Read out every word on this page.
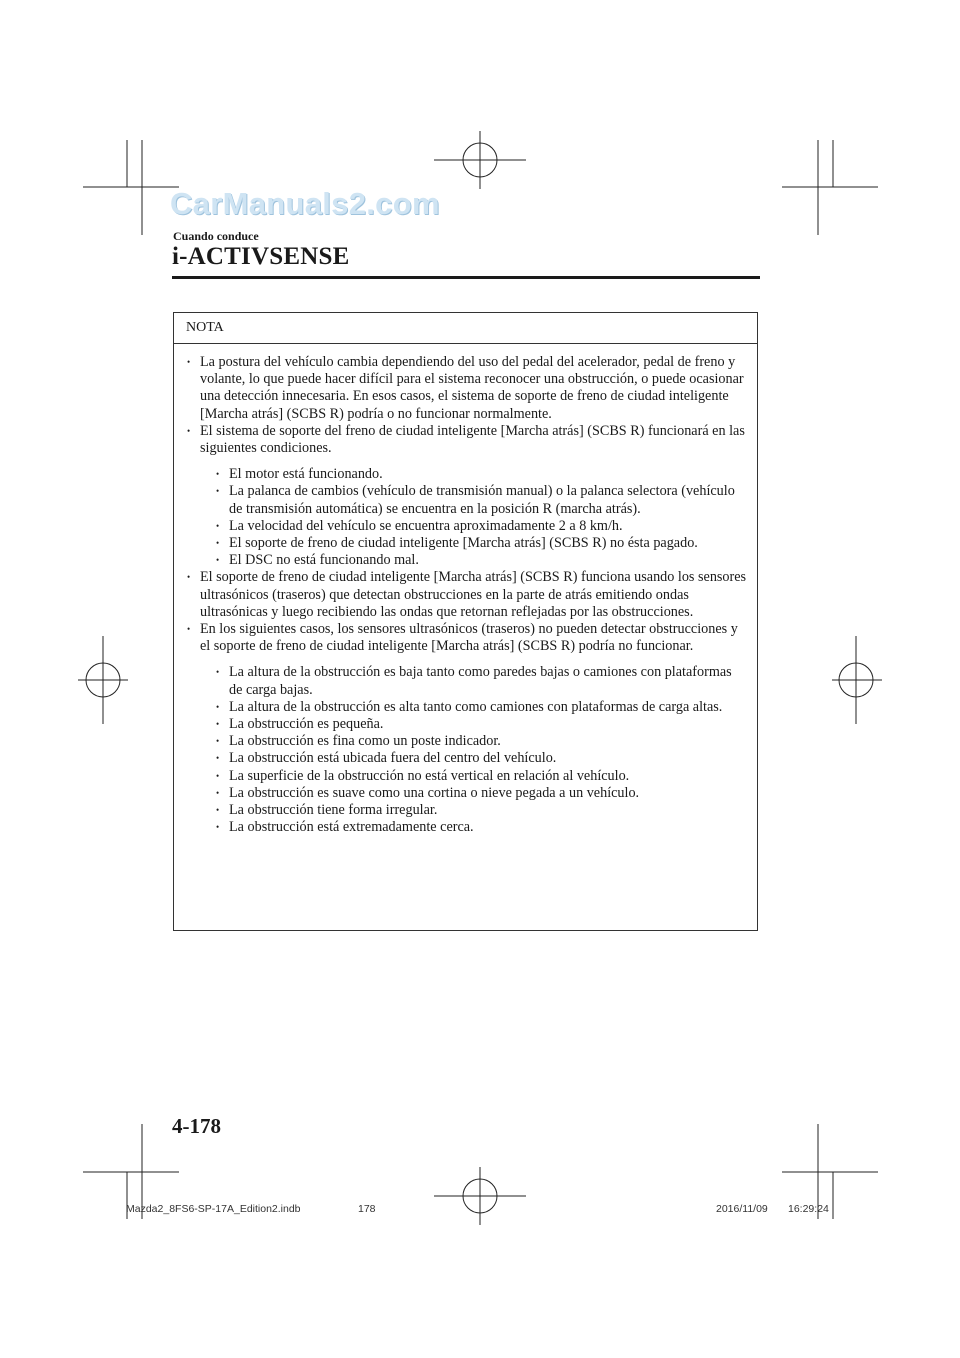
CarManuals2.com
Cuando conduce
i-ACTIVSENSE
NOTA
• La postura del vehículo cambia dependiendo del uso del pedal del acelerador, pedal de freno y volante, lo que puede hacer difícil para el sistema reconocer una obstrucción, o puede ocasionar una detección innecesaria. En esos casos, el sistema de soporte de freno de ciudad inteligente [Marcha atrás] (SCBS R) podría o no funcionar normalmente.
• El sistema de soporte del freno de ciudad inteligente [Marcha atrás] (SCBS R) funcionará en las siguientes condiciones.
• El motor está funcionando.
• La palanca de cambios (vehículo de transmisión manual) o la palanca selectora (vehículo de transmisión automática) se encuentra en la posición R (marcha atrás).
• La velocidad del vehículo se encuentra aproximadamente 2 a 8 km/h.
• El soporte de freno de ciudad inteligente [Marcha atrás] (SCBS R) no ésta pagado.
• El DSC no está funcionando mal.
• El soporte de freno de ciudad inteligente [Marcha atrás] (SCBS R) funciona usando los sensores ultrasónicos (traseros) que detectan obstrucciones en la parte de atrás emitiendo ondas ultrasónicas y luego recibiendo las ondas que retornan reflejadas por las obstrucciones.
• En los siguientes casos, los sensores ultrasónicos (traseros) no pueden detectar obstrucciones y el soporte de freno de ciudad inteligente [Marcha atrás] (SCBS R) podría no funcionar.
• La altura de la obstrucción es baja tanto como paredes bajas o camiones con plataformas de carga bajas.
• La altura de la obstrucción es alta tanto como camiones con plataformas de carga altas.
• La obstrucción es pequeña.
• La obstrucción es fina como un poste indicador.
• La obstrucción está ubicada fuera del centro del vehículo.
• La superficie de la obstrucción no está vertical en relación al vehículo.
• La obstrucción es suave como una cortina o nieve pegada a un vehículo.
• La obstrucción tiene forma irregular.
• La obstrucción está extremadamente cerca.
4-178
Mazda2_8FS6-SP-17A_Edition2.indb	178	2016/11/09 16:29:24
